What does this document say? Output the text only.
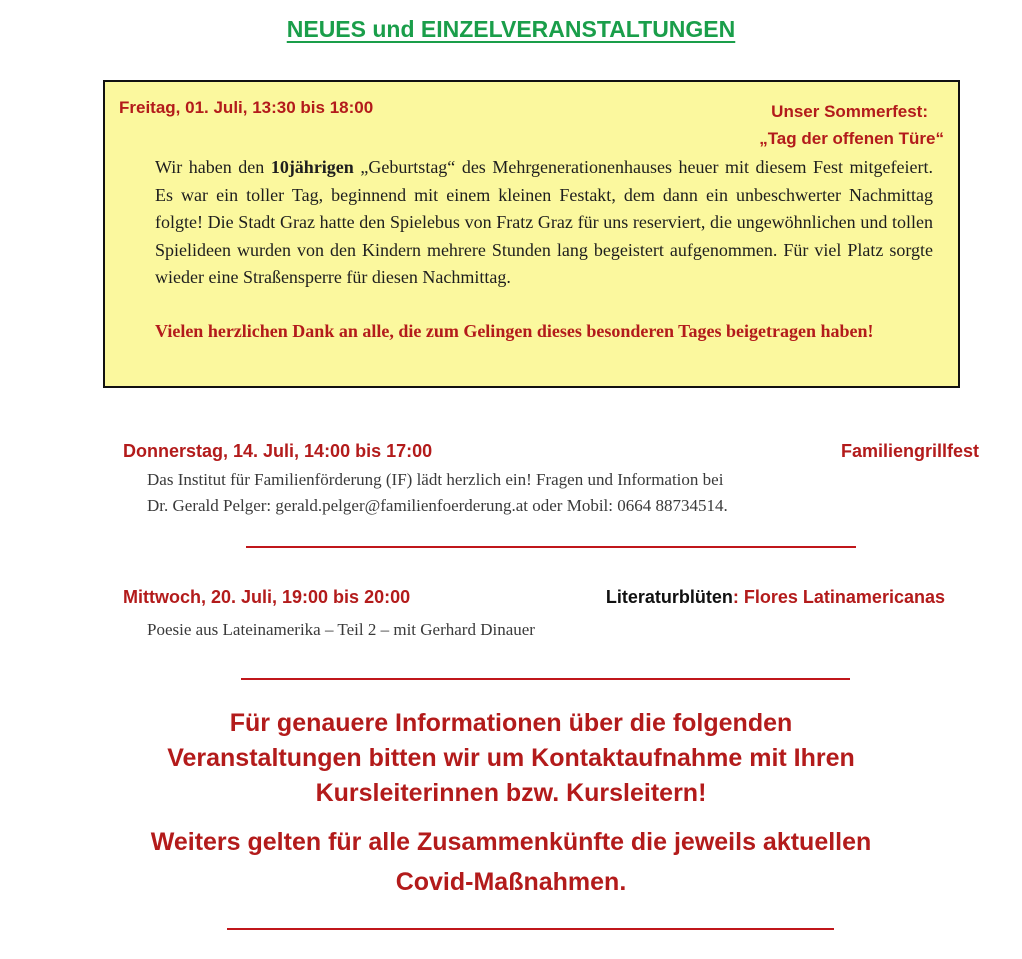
NEUES und EINZELVERANSTALTUNGEN
Freitag, 01. Juli, 13:30 bis 18:00	Unser Sommerfest:
„Tag der offenen Türe“
Wir haben den 10jährigen „Geburtstag“ des Mehrgenerationenhauses heuer mit diesem Fest mitgefeiert. Es war ein toller Tag, beginnend mit einem kleinen Festakt, dem dann ein unbeschwerter Nachmittag folgte! Die Stadt Graz hatte den Spielebus von Fratz Graz für uns reserviert, die ungewöhnlichen und tollen Spielideen wurden von den Kindern mehrere Stunden lang begeistert aufgenommen. Für viel Platz sorgte wieder eine Straßensperre für diesen Nachmittag.
Vielen herzlichen Dank an alle, die zum Gelingen dieses besonderen Tages beigetragen haben!
Donnerstag, 14. Juli, 14:00 bis 17:00	Familiengrillfest
Das Institut für Familienförderung (IF) lädt herzlich ein! Fragen und Information bei
Dr. Gerald Pelger: gerald.pelger@familienfoerderung.at oder Mobil: 0664 88734514.
Mittwoch, 20. Juli, 19:00 bis 20:00	Literaturblüten: Flores Latinamericanas
Poesie aus Lateinamerika – Teil 2 – mit Gerhard Dinauer
Für genauere Informationen über die folgenden
Veranstaltungen bitten wir um Kontaktaufnahme mit Ihren
Kursleiterinnen bzw. Kursleitern!
Weiters gelten für alle Zusammenkünfte die jeweils aktuellen
Covid-Maßnahmen.
